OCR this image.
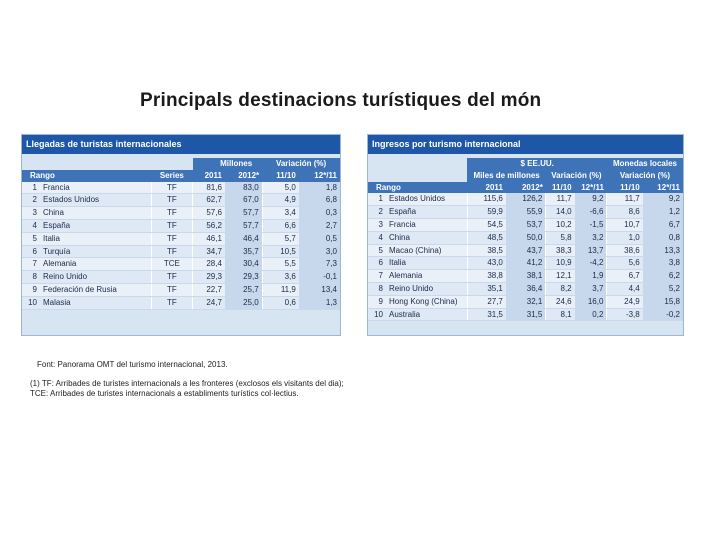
Principals destinacions turístiques del món
Llegadas de turistas internacionales
			Millones		Variación (%)	
Rango		Series	2011	2012*	11/10	12*/11
1	Francia	TF	81,6	83,0	5,0	1,8
2	Estados Unidos	TF	62,7	67,0	4,9	6,8
3	China	TF	57,6	57,7	3,4	0,3
4	España	TF	56,2	57,7	6,6	2,7
5	Italia	TF	46,1	46,4	5,7	0,5
6	Turquía	TF	34,7	35,7	10,5	3,0
7	Alemania	TCE	28,4	30,4	5,5	7,3
8	Reino Unido	TF	29,3	29,3	3,6	-0,1
9	Federación de Rusia	TF	22,7	25,7	11,9	13,4
10	Malasia	TF	24,7	25,0	0,6	1,3
Ingresos por turismo internacional
		$ EE.UU.				Monedas locales	
		Miles de millones		Variación (%)		Variación (%)	
Rango		2011	2012*	11/10	12*/11	11/10	12*/11
1	Estados Unidos	115,6	126,2	11,7	9,2	11,7	9,2
2	España	59,9	55,9	14,0	-6,6	8,6	1,2
3	Francia	54,5	53,7	10,2	-1,5	10,7	6,7
4	China	48,5	50,0	5,8	3,2	1,0	0,8
5	Macao (China)	38,5	43,7	38,3	13,7	38,6	13,3
6	Italia	43,0	41,2	10,9	-4,2	5,6	3,8
7	Alemania	38,8	38,1	12,1	1,9	6,7	6,2
8	Reino Unido	35,1	36,4	8,2	3,7	4,4	5,2
9	Hong Kong (China)	27,7	32,1	24,6	16,0	24,9	15,8
10	Australia	31,5	31,5	8,1	0,2	-3,8	-0,2
Font: Panorama OMT del turismo internacional, 2013.
(1) TF: Arribades de turistes internacionals a les fronteres (exclosos els visitants del dia);
TCE: Arribades de turistes internacionals a establiments turístics col·lectius.
